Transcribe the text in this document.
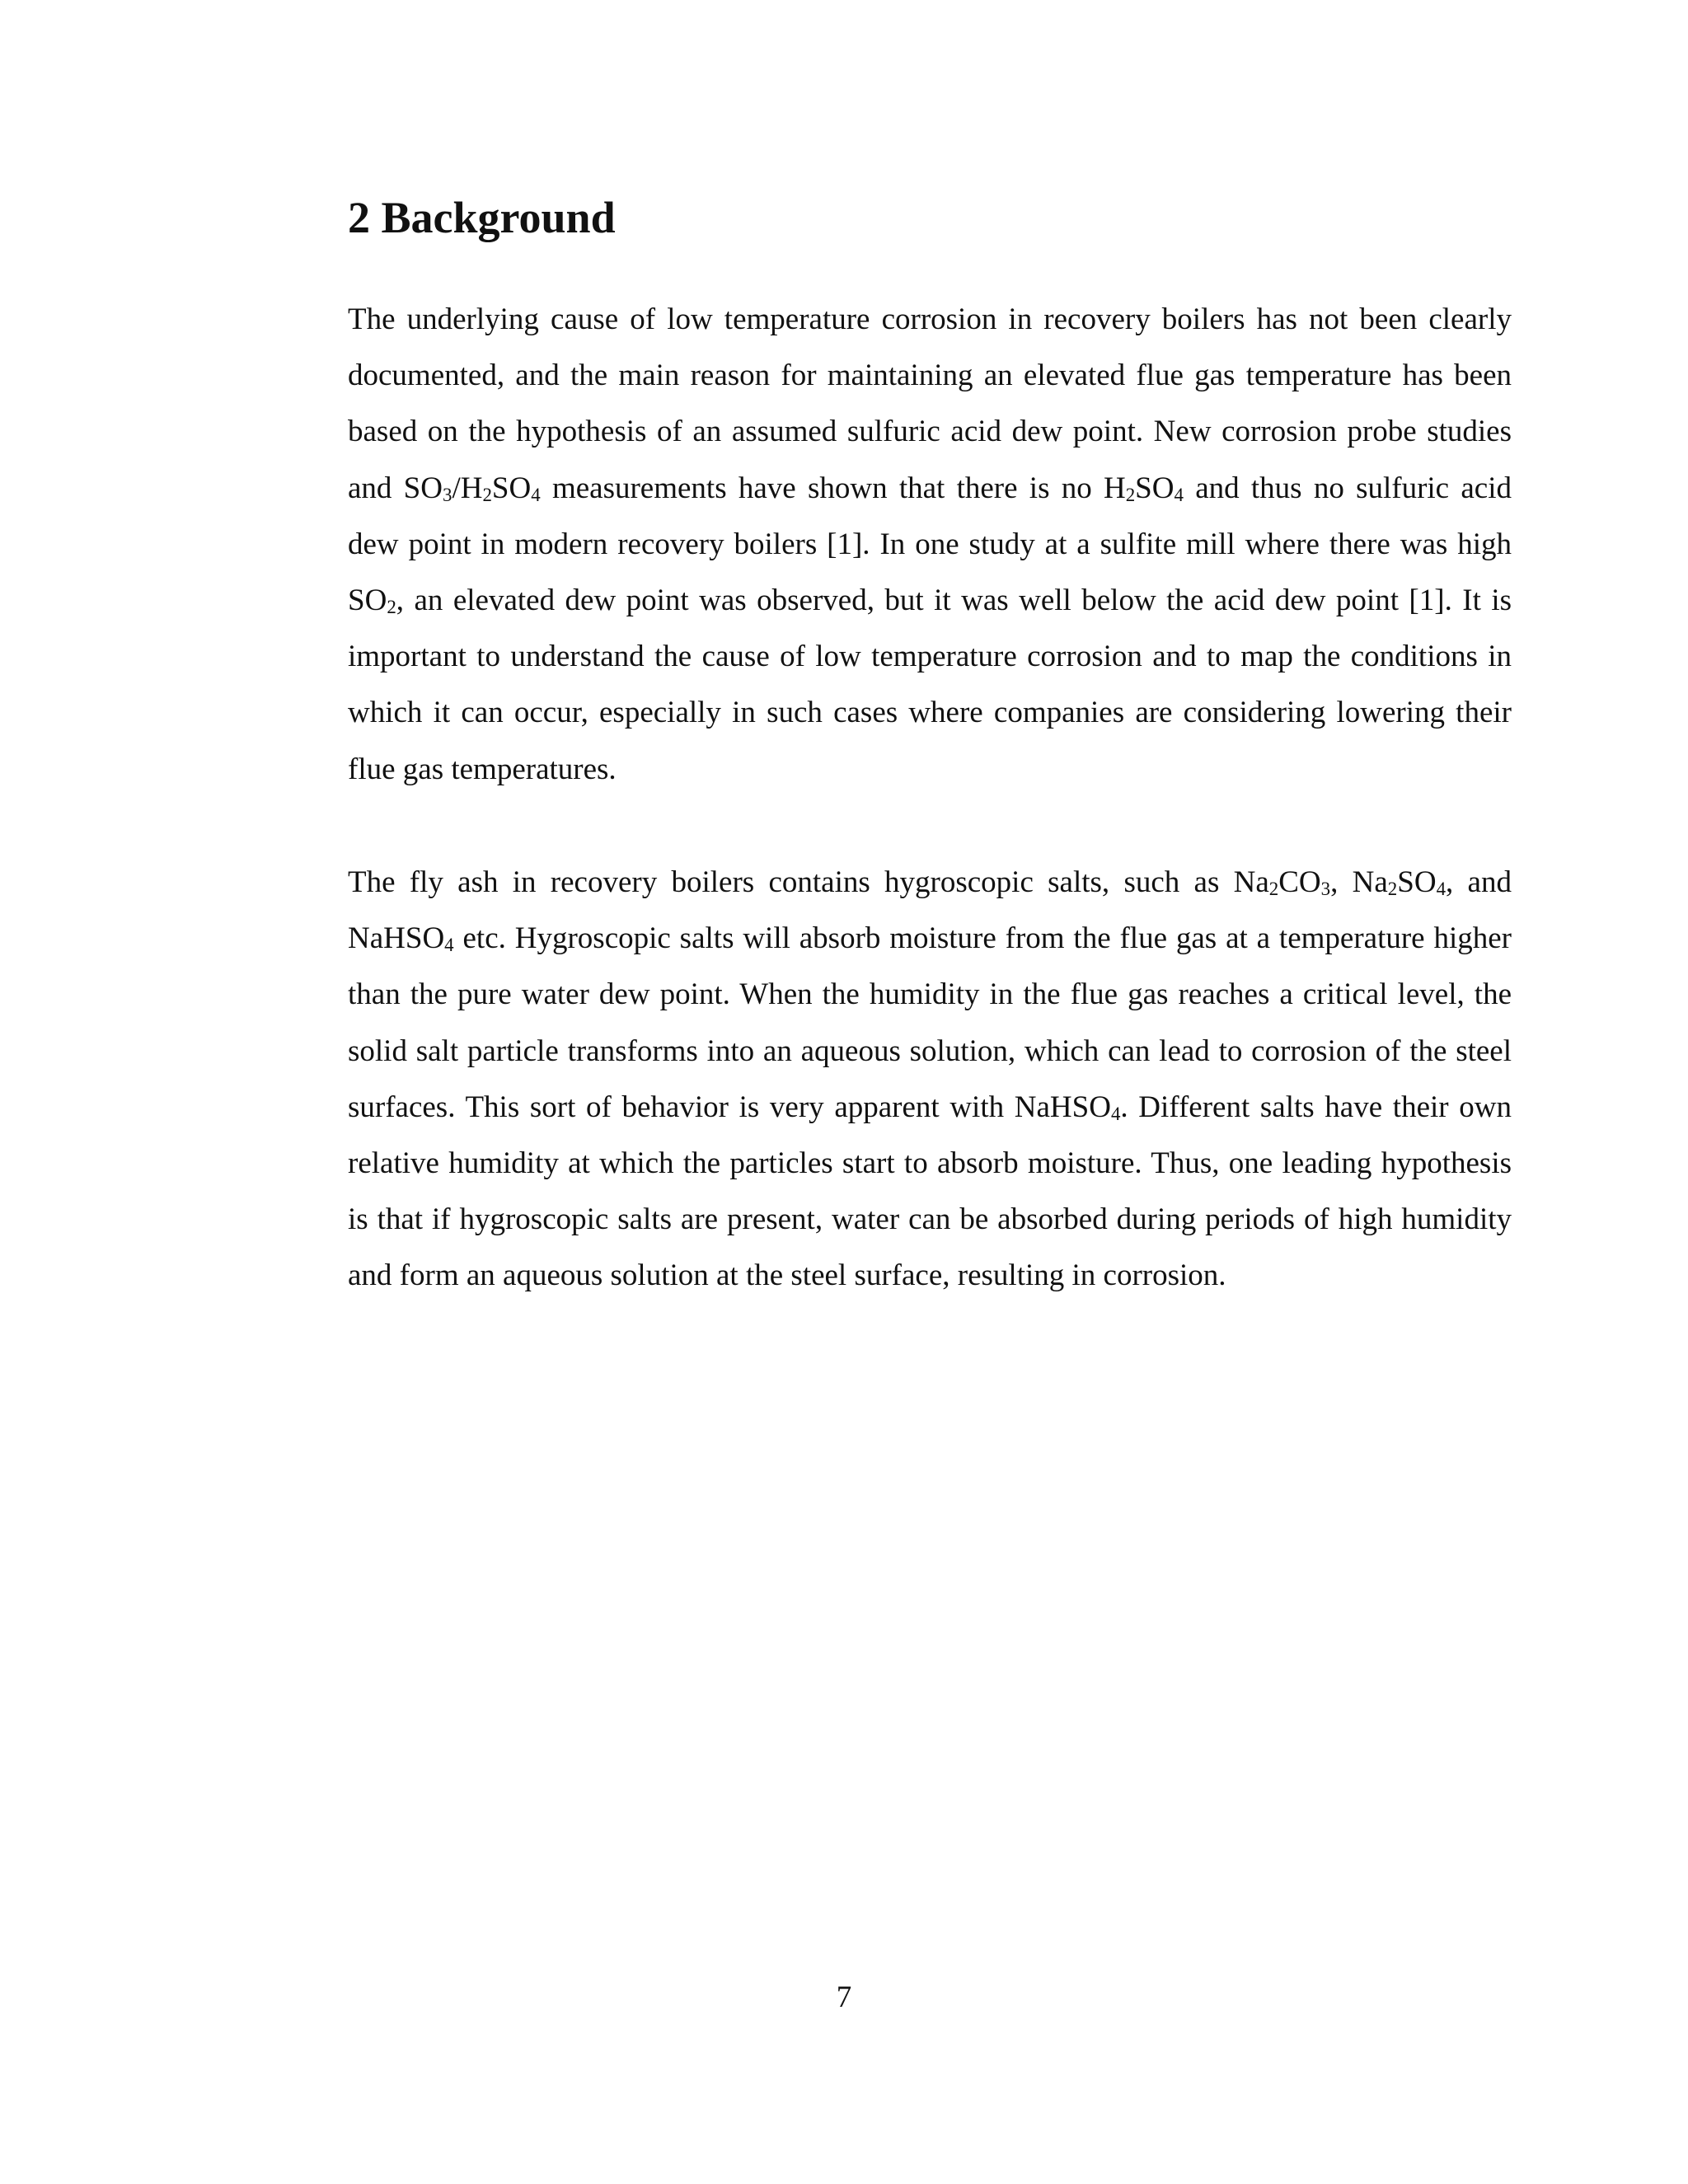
2 Background

The underlying cause of low temperature corrosion in recovery boilers has not been clearly documented, and the main reason for maintaining an elevated flue gas temperature has been based on the hypothesis of an assumed sulfuric acid dew point. New corrosion probe studies and $SO_3/H_2SO_4$ measurements have shown that there is no $H_2SO_4$ and thus no sulfuric acid dew point in modern recovery boilers [1]. In one study at a sulfite mill where there was high $SO_2$, an elevated dew point was observed, but it was well below the acid dew point [1]. It is important to understand the cause of low temperature corrosion and to map the conditions in which it can occur, especially in such cases where companies are considering lowering their flue gas temperatures.

The fly ash in recovery boilers contains hygroscopic salts, such as $Na_2CO_3$, $Na_2SO_4$, and NaHSO$_4$ etc. Hygroscopic salts will absorb moisture from the flue gas at a temperature higher than the pure water dew point. When the humidity in the flue gas reaches a critical level, the solid salt particle transforms into an aqueous solution, which can lead to corrosion of the steel surfaces. This sort of behavior is very apparent with NaHSO$_4$. Different salts have their own relative humidity at which the particles start to absorb moisture. Thus, one leading hypothesis is that if hygroscopic salts are present, water can be absorbed during periods of high humidity and form an aqueous solution at the steel surface, resulting in corrosion.

7
